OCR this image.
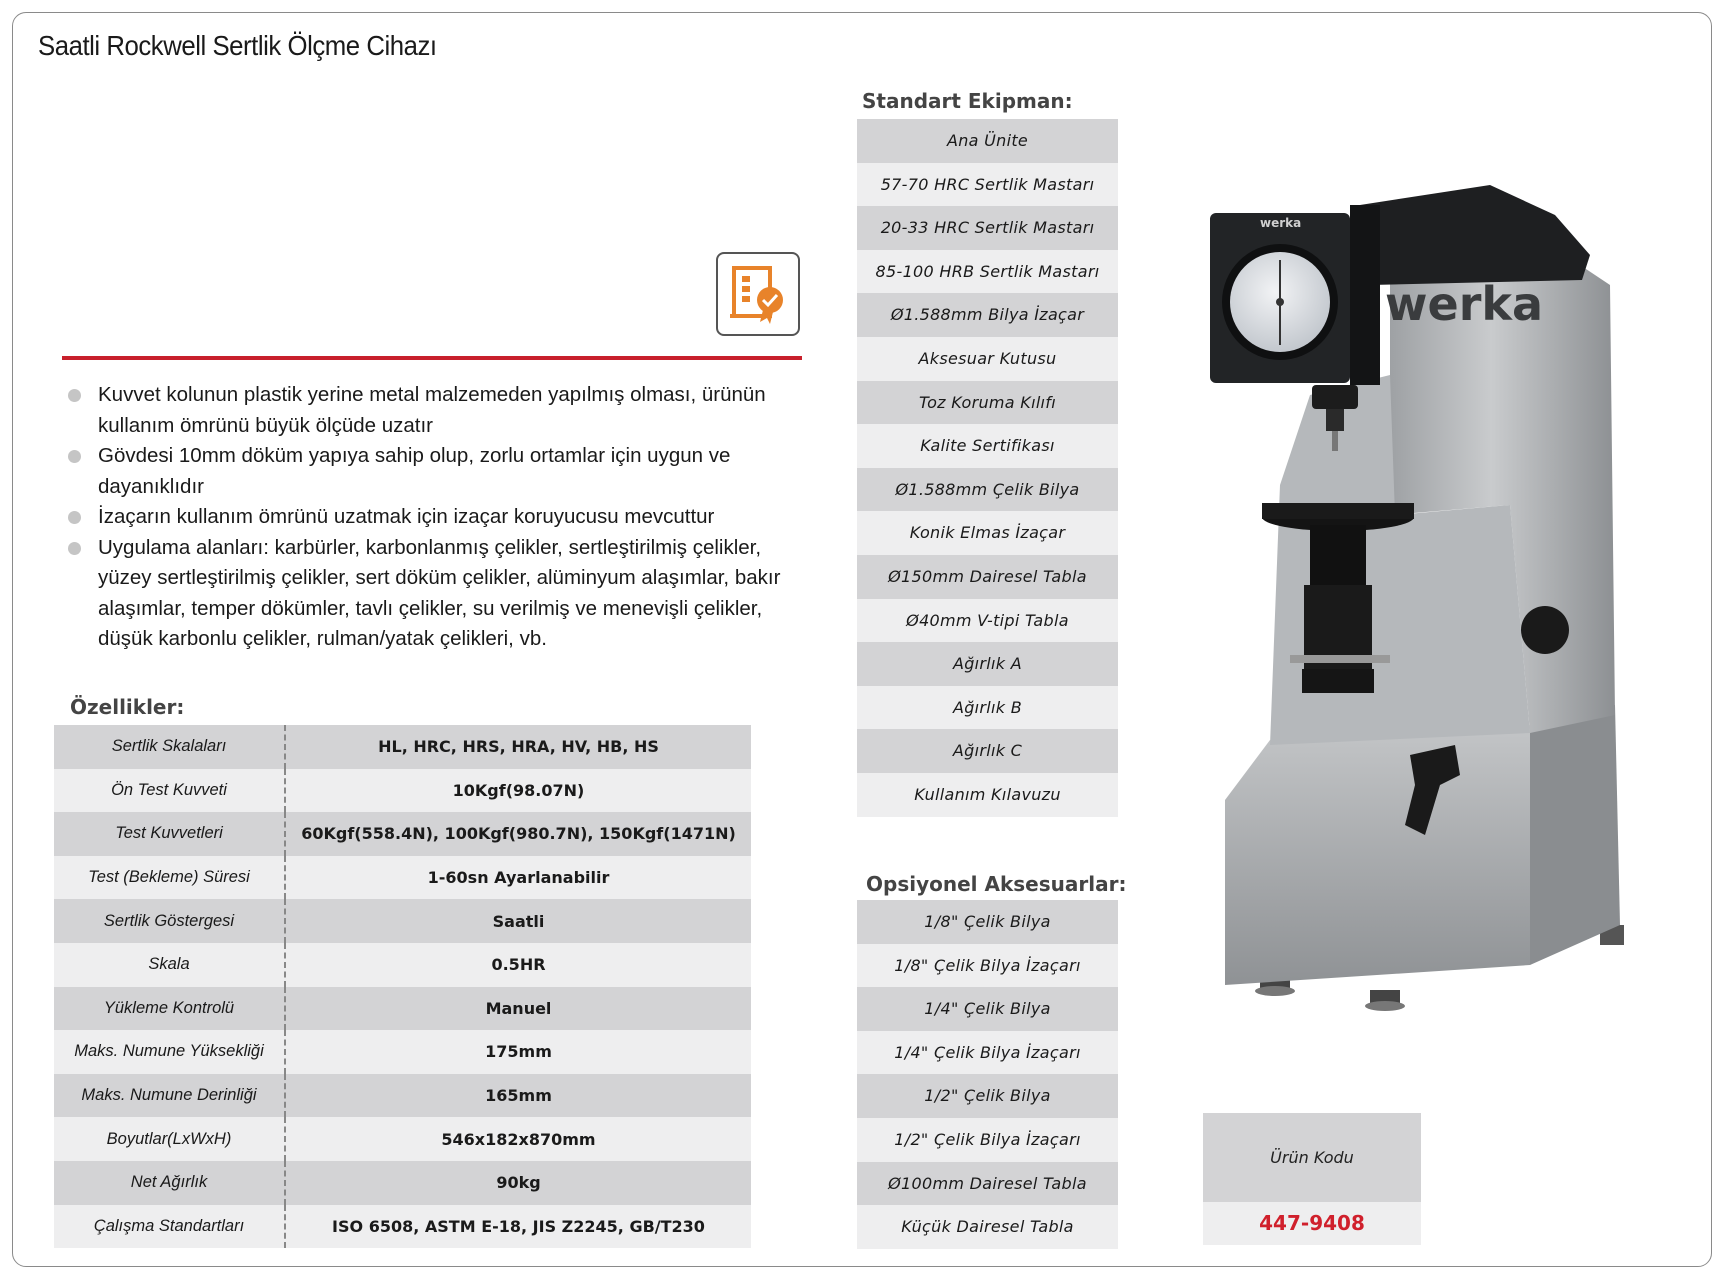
Saatli Rockwell Sertlik Ölçme Cihazı
Kuvvet kolunun plastik yerine metal malzemeden yapılmış olması, ürünün kullanım ömrünü büyük ölçüde uzatır
Gövdesi 10mm döküm yapıya sahip olup, zorlu ortamlar için uygun ve dayanıklıdır
İzaçarın kullanım ömrünü uzatmak için izaçar koruyucusu mevcuttur
Uygulama alanları: karbürler, karbonlanmış çelikler, sertleştirilmiş çelikler, yüzey sertleştirilmiş çelikler, sert döküm çelikler, alüminyum alaşımlar, bakır alaşımlar, temper dökümler, tavlı çelikler, su verilmiş ve menevişli çelikler, düşük karbonlu çelikler, rulman/yatak çelikleri, vb.
Özellikler:
Sertlik Skalaları	HL, HRC, HRS, HRA, HV, HB, HS
Ön Test Kuvveti	10Kgf(98.07N)
Test Kuvvetleri	60Kgf(558.4N), 100Kgf(980.7N), 150Kgf(1471N)
Test (Bekleme) Süresi	1-60sn Ayarlanabilir
Sertlik Göstergesi	Saatli
Skala	0.5HR
Yükleme Kontrolü	Manuel
Maks. Numune Yüksekliği	175mm
Maks. Numune Derinliği	165mm
Boyutlar(LxWxH)	546x182x870mm
Net Ağırlık	90kg
Çalışma Standartları	ISO 6508, ASTM E-18, JIS Z2245, GB/T230
Standart Ekipman:
Ana Ünite
57-70 HRC Sertlik Mastarı
20-33 HRC Sertlik Mastarı
85-100 HRB Sertlik Mastarı
Ø1.588mm Bilya İzaçar
Aksesuar Kutusu
Toz Koruma Kılıfı
Kalite Sertifikası
Ø1.588mm Çelik Bilya
Konik Elmas İzaçar
Ø150mm Dairesel Tabla
Ø40mm V-tipi Tabla
Ağırlık A
Ağırlık B
Ağırlık C
Kullanım Kılavuzu
Opsiyonel Aksesuarlar:
1/8" Çelik Bilya
1/8" Çelik Bilya İzaçarı
1/4" Çelik Bilya
1/4" Çelik Bilya İzaçarı
1/2" Çelik Bilya
1/2" Çelik Bilya İzaçarı
Ø100mm Dairesel Tabla
Küçük Dairesel Tabla
Ürün Kodu
447-9408
werka
werka
